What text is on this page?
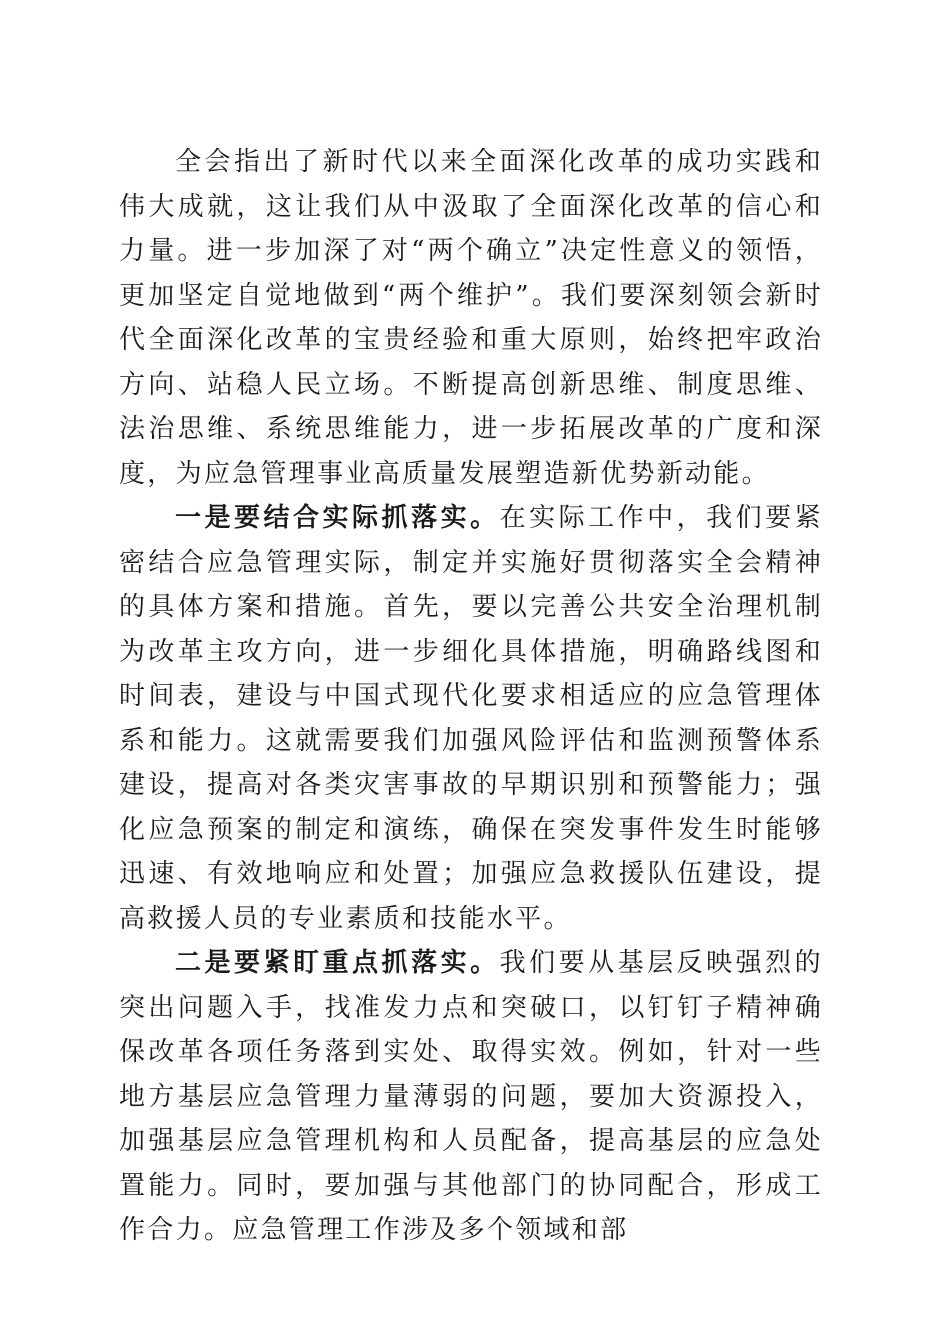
全会指出了新时代以来全面深化改革的成功实践和伟大成就，这让我们从中汲取了全面深化改革的信心和力量。进一步加深了对“两个确立”决定性意义的领悟，更加坚定自觉地做到“两个维护”。我们要深刻领会新时代全面深化改革的宝贵经验和重大原则，始终把牢政治方向、站稳人民立场。不断提高创新思维、制度思维、法治思维、系统思维能力，进一步拓展改革的广度和深度，为应急管理事业高质量发展塑造新优势新动能。

一是要结合实际抓落实。在实际工作中，我们要紧密结合应急管理实际，制定并实施好贯彻落实全会精神的具体方案和措施。首先，要以完善公共安全治理机制为改革主攻方向，进一步细化具体措施，明确路线图和时间表，建设与中国式现代化要求相适应的应急管理体系和能力。这就需要我们加强风险评估和监测预警体系建设，提高对各类灾害事故的早期识别和预警能力；强化应急预案的制定和演练，确保在突发事件发生时能够迅速、有效地响应和处置；加强应急救援队伍建设，提高救援人员的专业素质和技能水平。

二是要紧盯重点抓落实。我们要从基层反映强烈的突出问题入手，找准发力点和突破口，以钉钉子精神确保改革各项任务落到实处、取得实效。例如，针对一些地方基层应急管理力量薄弱的问题，要加大资源投入，加强基层应急管理机构和人员配备，提高基层的应急处置能力。同时，要加强与其他部门的协同配合，形成工作合力。应急管理工作涉及多个领域和部
